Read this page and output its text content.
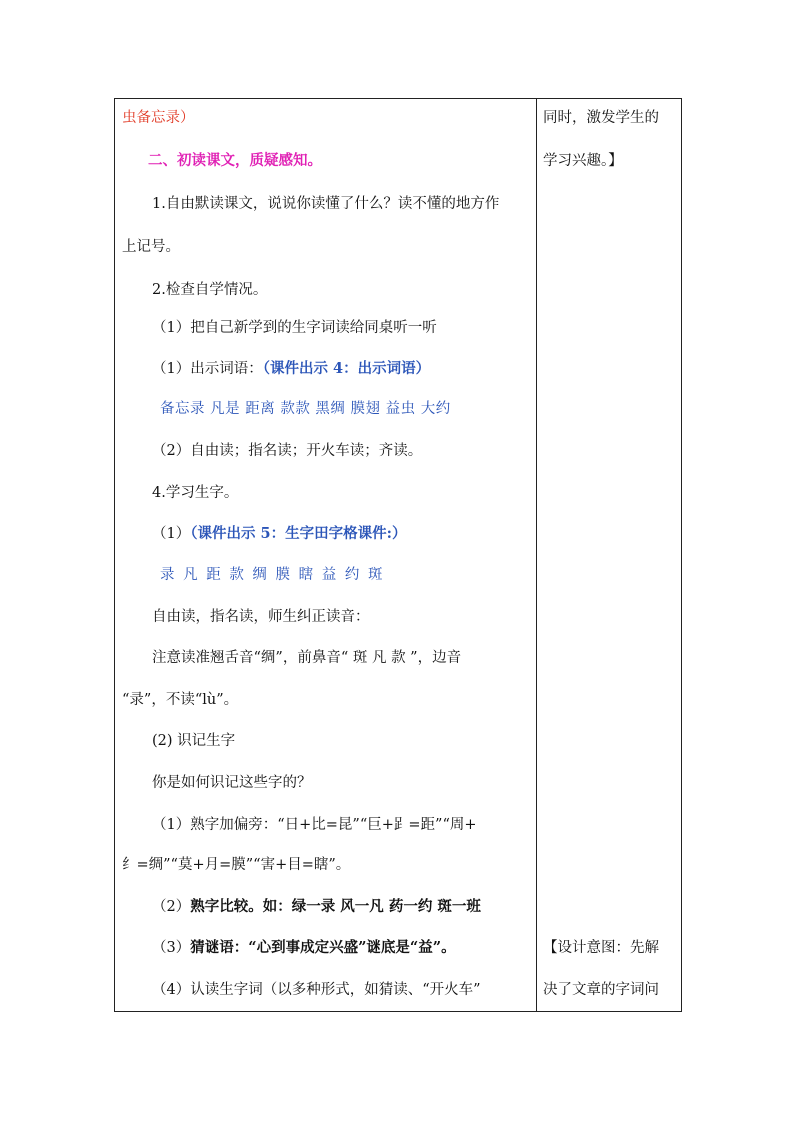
虫备忘录）
二、初读课文，质疑感知。
1.自由默读课文，说说你读懂了什么？读不懂的地方作
上记号。
2.检查自学情况。
（1）把自己新学到的生字词读给同桌听一听
（1）出示词语：（课件出示 4：出示词语）
备忘录 凡是 距离 款款 黑绸 膜翅 益虫 大约
（2）自由读；指名读；开火车读；齐读。
4.学习生字。
（1）（课件出示 5：生字田字格课件:）
录 凡 距 款 绸 膜 瞎 益 约 斑
自由读，指名读，师生纠正读音：
注意读准翘舌音“绸”，前鼻音“ 斑 凡 款 ”，边音
“录”，不读“lù”。
(2) 识记生字
你是如何识记这些字的？
（1）熟字加偏旁：“日+比=昆”“巨+𧾷=距”“周+
纟=绸”“莫+月=膜”“害+目=瞎”。
（2）熟字比较。如：绿一录 风一凡 药一约 斑一班
（3）猜谜语：“心到事成定兴盛”谜底是“益”。
（4）认读生字词（以多种形式，如猜读、“开火车”
同时，激发学生的
学习兴趣。】
【设计意图：先解
决了文章的字词问
